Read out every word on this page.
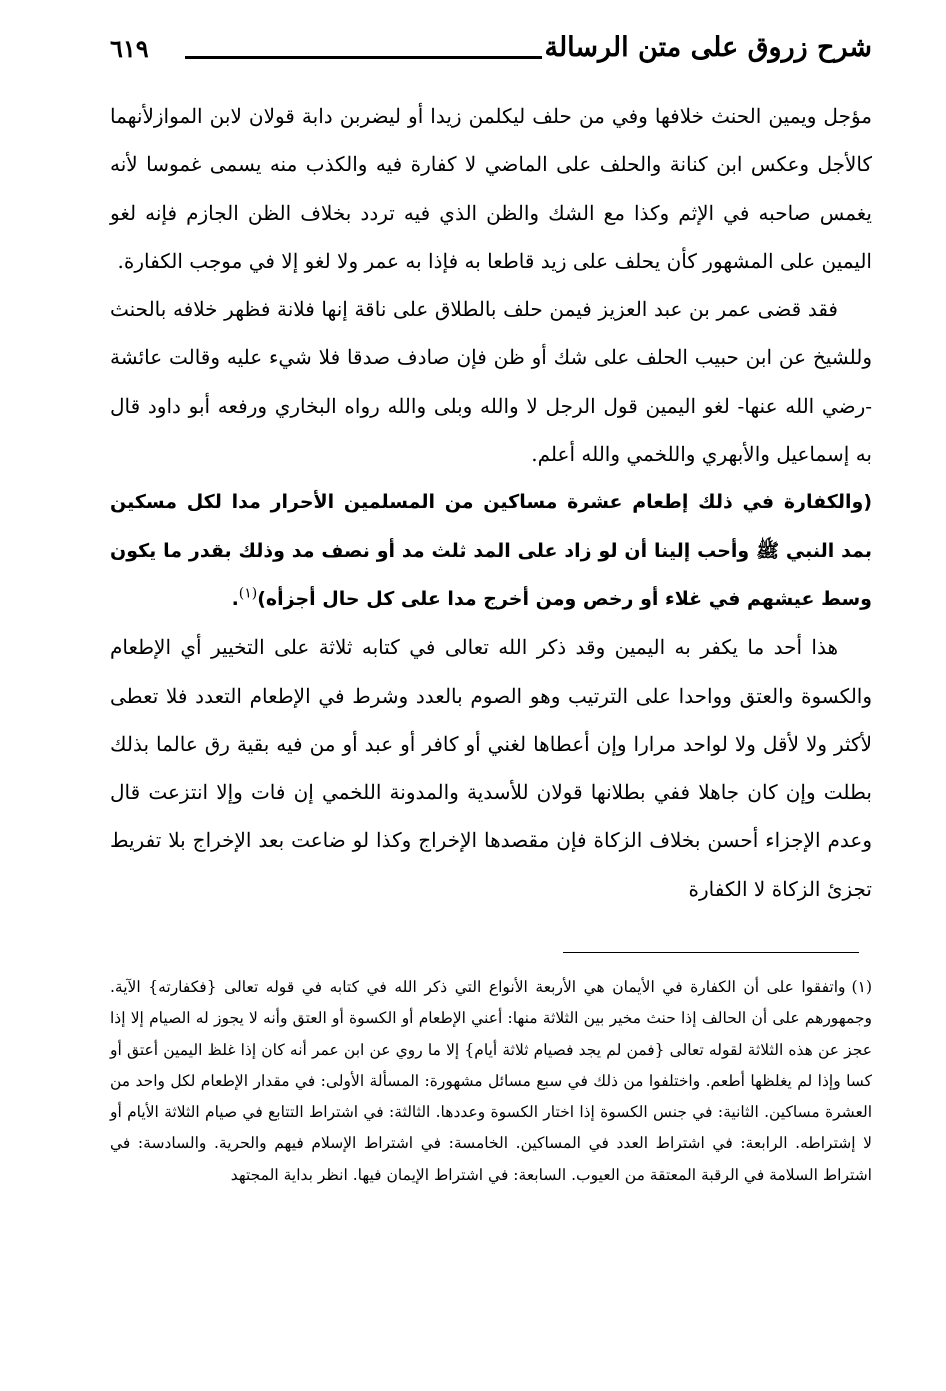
شرح زروق على متن الرسالة
٦١٩

مؤجل ويمين الحنث خلافها وفي من حلف ليكلمن زيدا أو ليضربن دابة قولان لابن الموازلأنهما كالأجل وعكس ابن كنانة والحلف على الماضي لا كفارة فيه والكذب منه يسمى غموسا لأنه يغمس صاحبه في الإثم وكذا مع الشك والظن الذي فيه تردد بخلاف الظن الجازم فإنه لغو اليمين على المشهور كأن يحلف على زيد قاطعا به فإذا به عمر ولا لغو إلا في موجب الكفارة.

فقد قضى عمر بن عبد العزيز فيمن حلف بالطلاق على ناقة إنها فلانة فظهر خلافه بالحنث وللشيخ عن ابن حبيب الحلف على شك أو ظن فإن صادف صدقا فلا شيء عليه وقالت عائشة -رضي الله عنها- لغو اليمين قول الرجل لا والله وبلى والله رواه البخاري ورفعه أبو داود قال به إسماعيل والأبهري واللخمي والله أعلم.

(والكفارة في ذلك إطعام عشرة مساكين من المسلمين الأحرار مدا لكل مسكين بمد النبي ﷺ وأحب إلينا أن لو زاد على المد ثلث مد أو نصف مد وذلك بقدر ما يكون وسط عيشهم في غلاء أو رخص ومن أخرج مدا على كل حال أجزأه)$^{(١)}$.

هذا أحد ما يكفر به اليمين وقد ذكر الله تعالى في كتابه ثلاثة على التخيير أي الإطعام والكسوة والعتق وواحدا على الترتيب وهو الصوم بالعدد وشرط في الإطعام التعدد فلا تعطى لأكثر ولا لأقل ولا لواحد مرارا وإن أعطاها لغني أو كافر أو عبد أو من فيه بقية رق عالما بذلك بطلت وإن كان جاهلا ففي بطلانها قولان للأسدية والمدونة اللخمي إن فات وإلا انتزعت قال وعدم الإجزاء أحسن بخلاف الزكاة فإن مقصدها الإخراج وكذا لو ضاعت بعد الإخراج بلا تفريط تجزئ الزكاة لا الكفارة

(١)واتفقوا على أن الكفارة في الأيمان هي الأربعة الأنواع التي ذكر الله في كتابه في قوله تعالى {فكفارته} الآية. وجمهورهم على أن الحالف إذا حنث مخير بين الثلاثة منها: أعني الإطعام أو الكسوة أو العتق وأنه لا يجوز له الصيام إلا إذا عجز عن هذه الثلاثة لقوله تعالى {فمن لم يجد فصيام ثلاثة أيام} إلا ما روي عن ابن عمر أنه كان إذا غلظ اليمين أعتق أو كسا وإذا لم يغلظها أطعم. واختلفوا من ذلك في سبع مسائل مشهورة: المسألة الأولى: في مقدار الإطعام لكل واحد من العشرة مساكين. الثانية: في جنس الكسوة إذا اختار الكسوة وعددها. الثالثة: في اشتراط التتابع في صيام الثلاثة الأيام أو لا إشتراطه. الرابعة: في اشتراط العدد في المساكين. الخامسة: في اشتراط الإسلام فيهم والحرية. والسادسة: في اشتراط السلامة في الرقبة المعتقة من العيوب. السابعة: في اشتراط الإيمان فيها. انظر بداية المجتهد
